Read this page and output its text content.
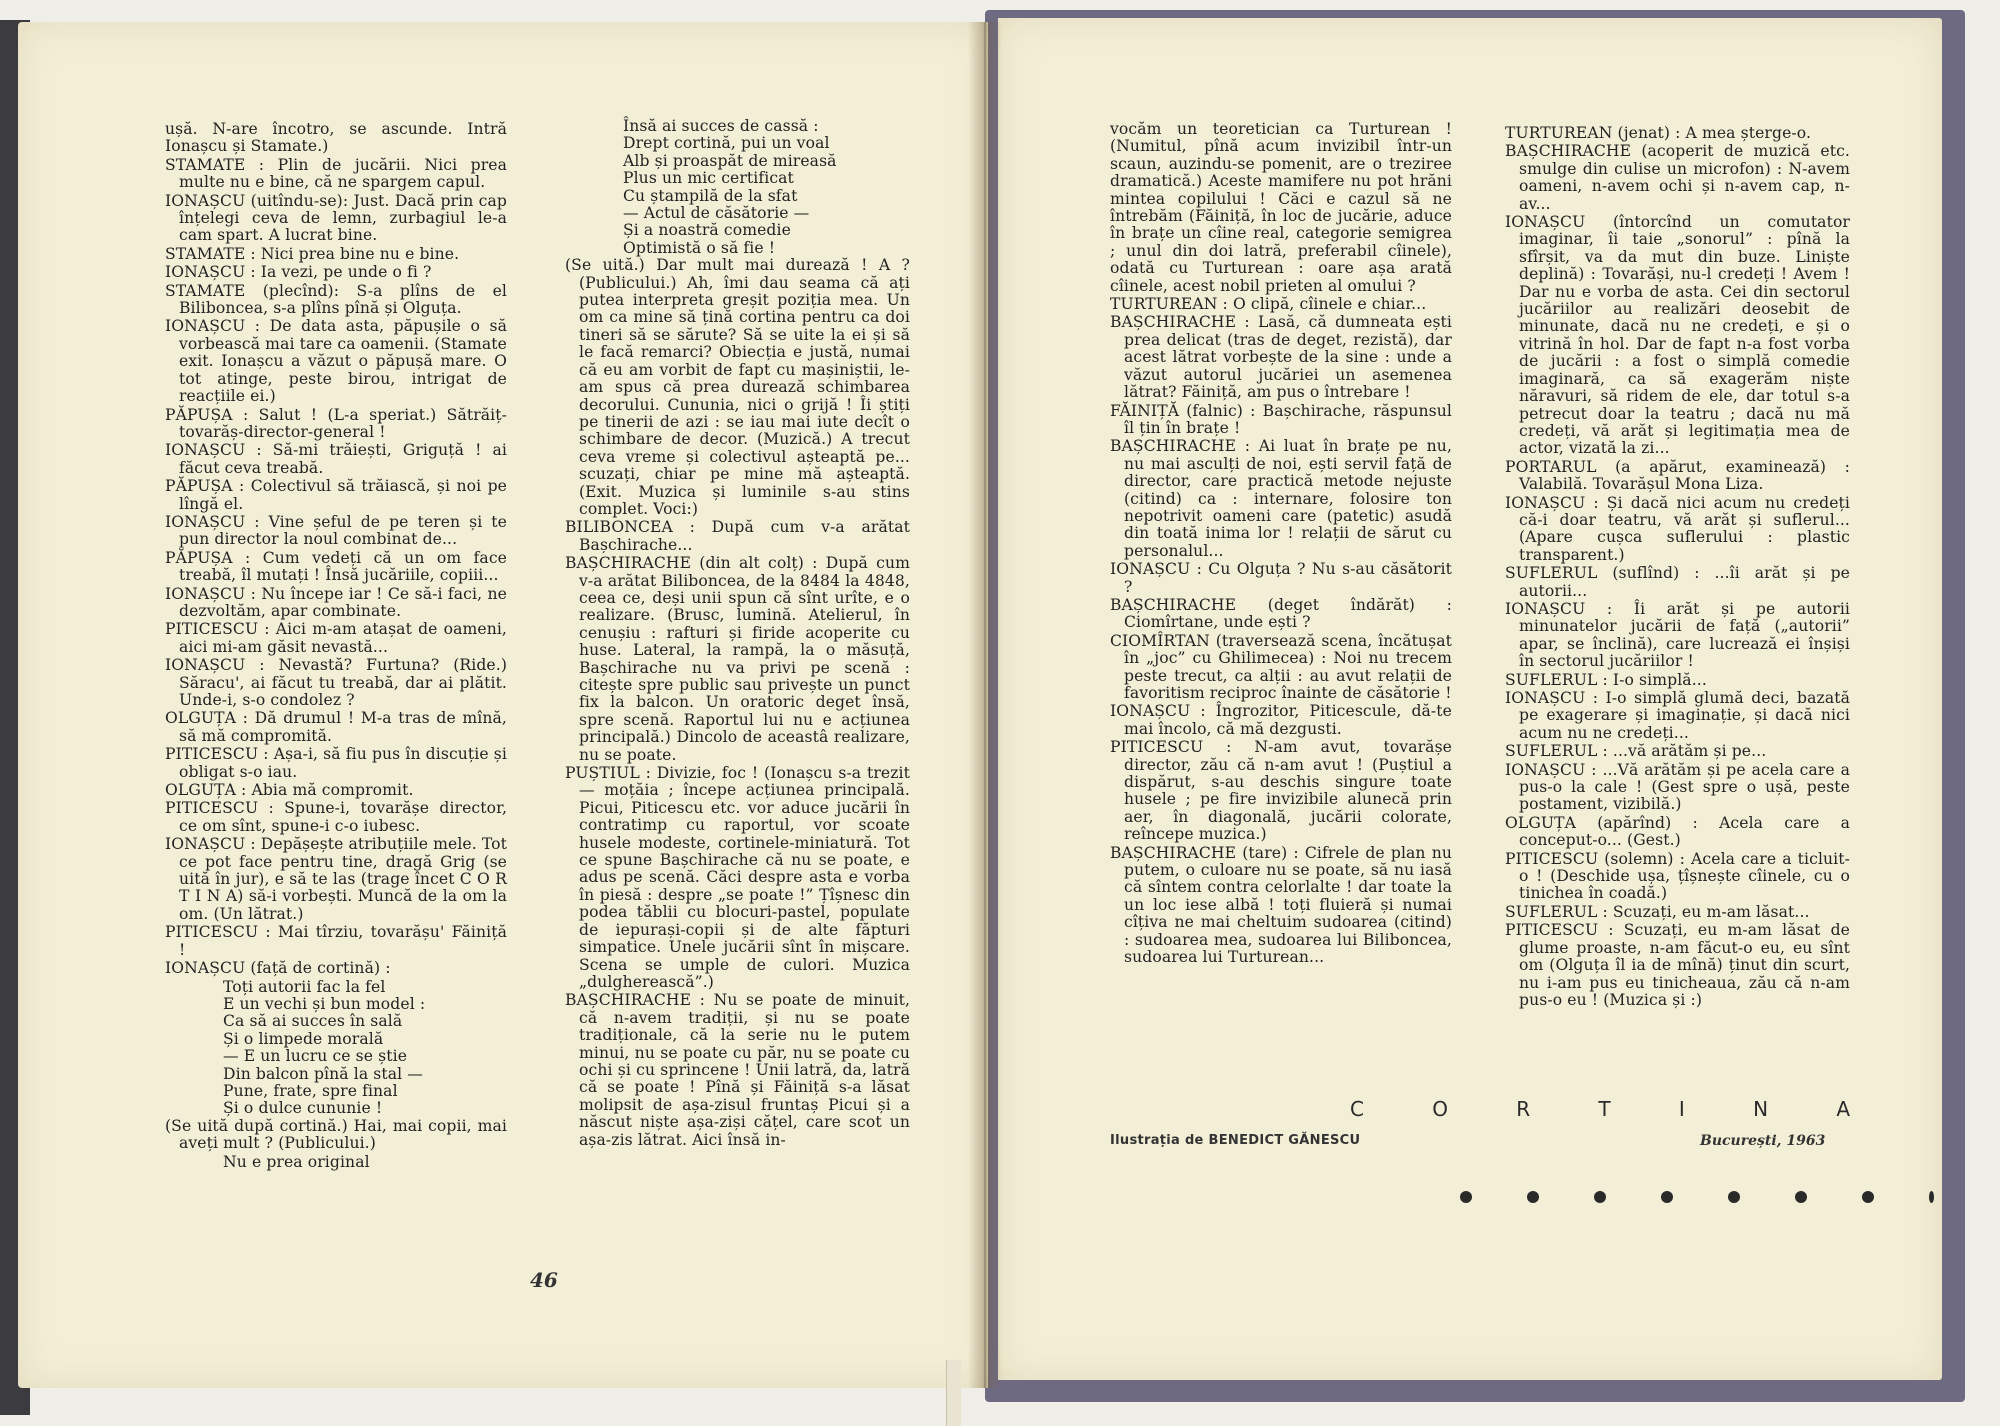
ușă. N-are încotro, se ascunde. Intră Ionașcu și Stamate.)

STAMATE : Plin de jucării. Nici prea multe nu e bine, că ne spargem capul.

IONAȘCU (uitîndu-se): Just. Dacă prin cap înțelegi ceva de lemn, zurbagiul le-a cam spart. A lucrat bine.

STAMATE : Nici prea bine nu e bine.

IONAȘCU : Ia vezi, pe unde o fi ?

STAMATE (plecînd): S-a plîns de el Biliboncea, s-a plîns pînă și Olguța.

IONAȘCU : De data asta, păpușile o să vorbească mai tare ca oamenii. (Stamate exit. Ionașcu a văzut o păpușă mare. O tot atinge, peste birou, intrigat de reacțiile ei.)

PĂPUȘA : Salut ! (L-a speriat.) Sătrăiț-tovarăș-director-general !

IONAȘCU : Să-mi trăiești, Griguță ! ai făcut ceva treabă.

PĂPUȘA : Colectivul să trăiască, și noi pe lîngă el.

IONAȘCU : Vine șeful de pe teren și te pun director la noul combinat de...

PĂPUȘA : Cum vedeți că un om face treabă, îl mutați ! Însă jucăriile, copiii...

IONAȘCU : Nu începe iar ! Ce să-i faci, ne dezvoltăm, apar combinate.

PITICESCU : Aici m-am atașat de oameni, aici mi-am găsit nevastă...

IONAȘCU : Nevastă? Furtuna? (Ride.) Săracu', ai făcut tu treabă, dar ai plătit. Unde-i, s-o condolez ?

OLGUȚA : Dă drumul ! M-a tras de mînă, să mă compromită.

PITICESCU : Așa-i, să fiu pus în discuție și obligat s-o iau.

OLGUȚA : Abia mă compromit.

PITICESCU : Spune-i, tovarășe director, ce om sînt, spune-i c-o iubesc.

IONAȘCU : Depășește atribuțiile mele. Tot ce pot face pentru tine, dragă Grig (se uită în jur), e să te las (trage încet C O R T I N A) să-i vorbești. Muncă de la om la om. (Un lătrat.)

PITICESCU : Mai tîrziu, tovarășu' Făiniță !

IONAȘCU (față de cortină) :

Toți autorii fac la fel

E un vechi și bun model :

Ca să ai succes în sală

Și o limpede morală

— E un lucru ce se știe

Din balcon pînă la stal —

Pune, frate, spre final

Și o dulce cununie !

(Se uită după cortină.) Hai, mai copii, mai aveți mult ? (Publicului.)

Nu e prea original

Însă ai succes de cassă :

Drept cortină, pui un voal

Alb și proaspăt de mireasă

Plus un mic certificat

Cu ștampilă de la sfat

— Actul de căsătorie —

Și a noastră comedie

Optimistă o să fie !

(Se uită.) Dar mult mai durează ! A ? (Publicului.) Ah, îmi dau seama că ați putea interpreta greșit poziția mea. Un om ca mine să țină cortina pentru ca doi tineri să se sărute? Să se uite la ei și să le facă remarci? Obiecția e justă, numai că eu am vorbit de fapt cu mașiniștii, le-am spus că prea durează schimbarea decorului. Cununia, nici o grijă ! Îi știți pe tinerii de azi : se iau mai iute decît o schimbare de decor. (Muzică.) A trecut ceva vreme și colectivul așteaptă pe... scuzați, chiar pe mine mă așteaptă. (Exit. Muzica și luminile s-au stins complet. Voci:)

BILIBONCEA : După cum v-a arătat Bașchirache...

BAȘCHIRACHE (din alt colț) : După cum v-a arătat Biliboncea, de la 8484 la 4848, ceea ce, deși unii spun că sînt urîte, e o realizare. (Brusc, lumină. Atelierul, în cenușiu : rafturi și firide acoperite cu huse. Lateral, la rampă, la o măsuță, Bașchirache nu va privi pe scenă : citește spre public sau privește un punct fix la balcon. Un oratoric deget însă, spre scenă. Raportul lui nu e acțiunea principală.) Dincolo de aceastâ realizare, nu se poate.

PUȘTIUL : Divizie, foc ! (Ionașcu s-a trezit — moțăia ; începe acțiunea principală. Picui, Piticescu etc. vor aduce jucării în contratimp cu raportul, vor scoate husele modeste, cortinele-miniatură. Tot ce spune Bașchirache că nu se poate, e adus pe scenă. Căci despre asta e vorba în piesă : despre „se poate !” Țîșnesc din podea tăblii cu blocuri-pastel, populate de iepurași-copii și de alte făpturi simpatice. Unele jucării sînt în mișcare. Scena se umple de culori. Muzica „dulgherească”.)

BAȘCHIRACHE : Nu se poate de minuit, că n-avem tradiții, și nu se poate tradiționale, că la serie nu le putem minui, nu se poate cu păr, nu se poate cu ochi și cu sprincene ! Unii latră, da, latră că se poate ! Pînă și Făiniță s-a lăsat molipsit de așa-zisul fruntaș Picui și a născut niște așa-ziși cățel, care scot un așa-zis lătrat. Aici însă in-

vocăm un teoretician ca Turturean ! (Numitul, pînă acum invizibil într-un scaun, auzindu-se pomenit, are o treziree dramatică.) Aceste mamifere nu pot hrăni mintea copilului ! Căci e cazul să ne întrebăm (Făiniță, în loc de jucărie, aduce în brațe un cîine real, categorie semigrea ; unul din doi latră, preferabil cîinele), odată cu Turturean : oare așa arată cîinele, acest nobil prieten al omului ?

TURTUREAN : O clipă, cîinele e chiar...

BAȘCHIRACHE : Lasă, că dumneata ești prea delicat (tras de deget, rezistă), dar acest lătrat vorbește de la sine : unde a văzut autorul jucăriei un asemenea lătrat? Făiniță, am pus o întrebare !

FĂINIȚĂ (falnic) : Bașchirache, răspunsul îl țin în brațe !

BAȘCHIRACHE : Ai luat în brațe pe nu, nu mai asculți de noi, ești servil față de director, care practică metode nejuste (citind) ca : internare, folosire ton nepotrivit oameni care (patetic) asudă din toată inima lor ! relații de sărut cu personalul...

IONAȘCU : Cu Olguța ? Nu s-au căsătorit ?

BAȘCHIRACHE (deget îndărăt) : Ciomîrtane, unde ești ?

CIOMÎRTAN (traversează scena, încătușat în „joc” cu Ghilimecea) : Noi nu trecem peste trecut, ca alții : au avut relații de favoritism reciproc înainte de căsătorie !

IONAȘCU : Îngrozitor, Piticescule, dă-te mai încolo, că mă dezgusti.

PITICESCU : N-am avut, tovarășe director, zău că n-am avut ! (Puștiul a dispărut, s-au deschis singure toate husele ; pe fire invizibile alunecă prin aer, în diagonală, jucării colorate, reîncepe muzica.)

BAȘCHIRACHE (tare) : Cifrele de plan nu putem, o culoare nu se poate, să nu iasă că sîntem contra celorlalte ! dar toate la un loc iese albă ! toți fluieră și numai cîțiva ne mai cheltuim sudoarea (citind) : sudoarea mea, sudoarea lui Biliboncea, sudoarea lui Turturean...

TURTUREAN (jenat) : A mea șterge-o.

BAȘCHIRACHE (acoperit de muzică etc. smulge din culise un microfon) : N-avem oameni, n-avem ochi și n-avem cap, n-av...

IONAȘCU (întorcînd un comutator imaginar, îi taie „sonorul” : pînă la sfîrșit, va da mut din buze. Liniște deplină) : Tovarăși, nu-l credeți ! Avem ! Dar nu e vorba de asta. Cei din sectorul jucăriilor au realizări deosebit de minunate, dacă nu ne credeți, e și o vitrină în hol. Dar de fapt n-a fost vorba de jucării : a fost o simplă comedie imaginară, ca să exagerăm niște năravuri, să ridem de ele, dar totul s-a petrecut doar la teatru ; dacă nu mă credeți, vă arăt și legitimația mea de actor, vizată la zi...

PORTARUL (a apărut, examinează) : Valabilă. Tovarășul Mona Liza.

IONAȘCU : Și dacă nici acum nu credeți că-i doar teatru, vă arăt și suflerul... (Apare cușca suflerului : plastic transparent.)

SUFLERUL (suflînd) : ...îi arăt și pe autorii...

IONAȘCU : Îi arăt și pe autorii minunatelor jucării de față („autorii” apar, se înclină), care lucrează ei înșiși în sectorul jucăriilor !

SUFLERUL : I-o simplă...

IONAȘCU : I-o simplă glumă deci, bazată pe exagerare și imaginație, și dacă nici acum nu ne credeți...

SUFLERUL : ...vă arătăm și pe...

IONAȘCU : ...Vă arătăm și pe acela care a pus-o la cale ! (Gest spre o ușă, peste postament, vizibilă.)

OLGUȚA (apărînd) : Acela care a conceput-o... (Gest.)

PITICESCU (solemn) : Acela care a ticluit-o ! (Deschide ușa, țîșnește cîinele, cu o tinichea în coadă.)

SUFLERUL : Scuzați, eu m-am lăsat...

PITICESCU : Scuzați, eu m-am lăsat de glume proaste, n-am făcut-o eu, eu sînt om (Olguța îl ia de mînă) ținut din scurt, nu i-am pus eu tinicheaua, zău că n-am pus-o eu ! (Muzica și :)

46
C	O	R	T	I	N	A
Ilustrația de BENEDICT GĂNESCU	București, 1963
